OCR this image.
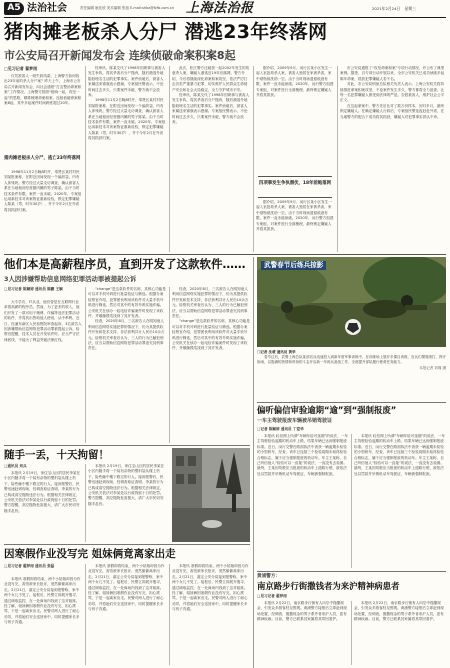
A5 法治社会	责任编辑 耿佳欣 美术编辑 张旭 E-mail:shbz@fzfb.com.cn 上海法治报	2021年2月24日 星期三
猪肉摊老板杀人分尸 潜逃23年终落网
市公安局召开新闻发布会 连续侦破命案积案8起
□见习记者 翟梦雨

仅凭被害人一段失踪线索，上海警方如何找出23年前的杀人分尸案？昨天上午，上海市公安局召开新闻发布会，向社会通报“打击整治命案积案”工作情况，上海警方按照“枪响一起，攻坚一起”的思路，精准梳理命案积案，连续侦破命案积案8起，其中多起案件时间跨度超过20年。

猪肉摊老板杀人分尸，逃亡23年终落网

1998年11月2日晚8时许，奉贤区某村村民刘某报案称，在附近田间发现一个编织袋，内有人体残块。警方经过大量走访调查，确认被害人系在当地租房经营猪肉摊的男子陈某。由于当时技术条件有限，案件一直未破。2020年，专案组运用新技术对该案物证重新检验，锁定犯罪嫌疑人陈某（男，时年30岁），并于今年2月在外省将其抓获归案。

经审讯，陈某交代了1998年因琐事与被害人发生争执，将其杀害后分尸抛弃，随后潜逃外地隐姓埋名生活的犯罪事实。案件侦破后，被害人家属送来锦旗表示感谢。专案组民警表示，不论时间过去多久，只要案件未破，警方就不会放弃。

1998年11月2日晚8时许，奉贤区某村村民刘某报案称，在附近田间发现一个编织袋，内有人体残块。警方经过大量走访调查，确认被害人系在当地租房经营猪肉摊的男子陈某。由于当时技术条件有限，案件一直未破。2020年，专案组运用新技术对该案物证重新检验，锁定犯罪嫌疑人陈某（男，时年30岁），并于今年2月在外省将其抓获归案。

此次，松江警方还破获一起2002年发生的故意杀人案，嫌疑人潜逃近19年后落网。警方介绍，今后将继续深化命案积案攻坚，依法严厉打击各类严重暴力犯罪，切实维护人民群众生命财产安全和社会大局稳定，全力守护城市平安。

经审讯，陈某交代了1998年因琐事与被害人发生争执，将其杀害后分尸抛弃，随后潜逃外地隐姓埋名生活的犯罪事实。案件侦破后，被害人家属送来锦旗表示感谢。专案组民警表示，不论时间过去多久，只要案件未破，警方就不会放弃。

据介绍，2009年9月，闵行区某小区发生一起入室抢劫杀人案，被害人独居在家被杀害，家中财物被洗劫一空。由于当时现场遗留痕迹有限，案件一直未能侦破。2020年，闵行警方组建专案组，对案件进行全面梳理，最终锁定嫌疑人并将其抓获。

四项事发生争执潜伏，18年前她落网

据介绍，2009年9月，闵行区某小区发生一起入室抢劫杀人案，被害人独居在家被杀害，家中财物被洗劫一空。由于当时现场遗留痕迹有限，案件一直未能侦破。2020年，闵行警方组建专案组，对案件进行全面梳理，最终锁定嫌疑人并将其抓获。

市公安局通报了“攻坚命案积案”专项行动情况，并公布了典型案例。据悉，自专项行动开展以来，全市公安机关已成功侦破多起陈年命案，抓获犯罪嫌疑人若干名。

对此，市公安局刑侦总队相关负责人表示，上海公安机关将持续推进命案积案攻坚，不论案件发生多久，警方都将全力追查，让每一名犯罪嫌疑人都受到法律的严惩，告慰被害人，维护社会公平正义。

在这起命案中，警方先后比对了数万份样本，历时多月，最终锁定嫌疑人。在确定嫌疑人行踪后，专案组民警连夜赶赴外省，在当地警方的配合下成功将其抓获，嫌疑人对犯罪事实供认不讳。

他们本是高薪程序员，直到开发了这款软件……
3人因涉嫌帮助信息网络犯罪活动罪被提起公诉
□见习记者 陈颖婷 通讯员 陈鹏 王颖

大专学历、IT从业，他们曾是在互联网行业拿着高薪的程序员。然而，为了更多的收入，他们开发了一款可用于赌博、诈骗等违法犯罪活动的软件，并将其出售给他人使用，从中牟利。近日，经浦东新区人民检察院审查起诉，3名被告人因涉嫌帮助信息网络犯罪活动罪被提起公诉。检察官提醒，技术人员在开发软件时，应当严守法律底线，不能为了利益突破法律红线。

“change”是这款软件的名称，其核心功能是可以对手机号码进行批量验证与筛选。根据办案检察官介绍，犯罪团伙利用该软件对大量手机号码进行筛选，然后对其中的有效号码实施诈骗。公安机关在侦办一起电信诈骗案件时发现了该软件，并顺藤摸瓜找到了其开发者。

经查，2020年8月，三名被告人在明知他人利用信息网络实施犯罪的情况下，仍为其提供软件开发和技术支持，非法获利共计人民币10余万元。检察机关审查后认为，三人的行为已触犯刑法，应当以帮助信息网络犯罪活动罪追究其刑事责任。

经查，2020年8月，三名被告人在明知他人利用信息网络实施犯罪的情况下，仍为其提供软件开发和技术支持，非法获利共计人民币10余万元。检察机关审查后认为，三人的行为已触犯刑法，应当以帮助信息网络犯罪活动罪追究其刑事责任。

“change”是这款软件的名称，其核心功能是可以对手机号码进行批量验证与筛选。根据办案检察官介绍，犯罪团伙利用该软件对大量手机号码进行筛选，然后对其中的有效号码实施诈骗。公安机关在侦办一起电信诈骗案件时发现了该软件，并顺藤摸瓜找到了其开发者。

武警春节后练兵掠影
□记者 沈裴 通讯员 黄华

春节过后，武警上海总队某部官兵迅速投入到新年度军事训练中，在训练场上展开多课目训练，官兵们摸爬滚打、挥汗如雨，以饱满的热情和昂扬的斗志开启新一年练兵备战工作，全面提升部队履行使命任务能力。

本报记者 刘瑾 摄
偏听偏信审验逾期“逾”到“强制报废”
一车主驾驶报废车辆被吊销驾驶证
□记者 陈颖婷 通讯员 丁爱华

本报讯 轻信网上所谓“车辆年检可延期”的说法，一车主驾驶检验逾期的机动车上路，结果车辆已达到强制报废标准。近日，闵行交警在路面执法中查获一辆逾期未检验的小型轿车，经查，该车已连续三个检验周期未取得检验合格标志，属于应当强制报废的机动车。车主王某称，自己听信他人“检验可以一直拖”的说法，一直没有去检测。最终，王某因驾驶应当报废的机动车上道路行驶，被依法处以罚款并吊销机动车驾驶证，车辆被强制报废。

本报讯 轻信网上所谓“车辆年检可延期”的说法，一车主驾驶检验逾期的机动车上路，结果车辆已达到强制报废标准。近日，闵行交警在路面执法中查获一辆逾期未检验的小型轿车，经查，该车已连续三个检验周期未取得检验合格标志，属于应当强制报废的机动车。车主王某称，自己听信他人“检验可以一直拖”的说法，一直没有去检测。最终，王某因驾驶应当报废的机动车上道路行驶，被依法处以罚款并吊销机动车驾驶证，车辆被强制报废。

黄浦警方：
南京路步行街撒钱者为来沪精神病患者
□见习记者 翟梦雨

本报讯 2月22日，南京路步行街有人向空中抛撒现金，引发众多游客驻足围观。黄浦警方接报后立即赶到现场处置，经调查，抛撒现金的男子系外省来沪人员，患有精神疾病。目前，警方已联系其家属将其带回看护。

本报讯 2月22日，南京路步行街有人向空中抛撒现金，引发众多游客驻足围观。黄浦警方接报后立即赶到现场处置，经调查，抛撒现金的男子系外省来沪人员，患有精神疾病。目前，警方已联系其家属将其带回看护。

随手一丢，十天拘留！
□通讯员 刘兵

本报讯 2月19日，家住宝山区的居民李某在小区内随手将一个装有杂物的塑料袋从楼上扔下，险些砸中楼下路过的行人。接到报警后，民警迅速赶到现场，经调查取证查明，李某的行为已构成高空抛物违法行为。根据相关法律规定，公安机关依法对李某处以行政拘留十日的处罚。警方提醒，高空抛物危害极大，请广大市民切勿随手乱扔。

本报讯 2月19日，家住宝山区的居民李某在小区内随手将一个装有杂物的塑料袋从楼上扔下，险些砸中楼下路过的行人。接到报警后，民警迅速赶到现场，经调查取证查明，李某的行为已构成高空抛物违法行为。根据相关法律规定，公安机关依法对李某处以行政拘留十日的处罚。警方提醒，高空抛物危害极大，请广大市民切勿随手乱扔。

因寒假作业没写完 姐妹俩竟离家出走
□见习记者 翟梦雨 通讯员 张磊

本报讯 寒假即将结束，两个小姑娘却因为作业没写完，害怕被家长批评，竟然偷偷离家出走。2月21日，嘉定公安分局接到报警称，家中两个女儿不见了。接报后，民警立即展开搜寻，通过调取监控，在一处商场内找到了这对姐妹。经了解，姐妹俩因寒假作业没有写完，担心挨骂，于是一起离家出走。民警对两人进行了耐心劝导，并将她们安全送回家中，同时提醒家长多与孩子沟通。

本报讯 寒假即将结束，两个小姑娘却因为作业没写完，害怕被家长批评，竟然偷偷离家出走。2月21日，嘉定公安分局接到报警称，家中两个女儿不见了。接报后，民警立即展开搜寻，通过调取监控，在一处商场内找到了这对姐妹。经了解，姐妹俩因寒假作业没有写完，担心挨骂，于是一起离家出走。民警对两人进行了耐心劝导，并将她们安全送回家中，同时提醒家长多与孩子沟通。

本报讯 寒假即将结束，两个小姑娘却因为作业没写完，害怕被家长批评，竟然偷偷离家出走。2月21日，嘉定公安分局接到报警称，家中两个女儿不见了。接报后，民警立即展开搜寻，通过调取监控，在一处商场内找到了这对姐妹。经了解，姐妹俩因寒假作业没有写完，担心挨骂，于是一起离家出走。民警对两人进行了耐心劝导，并将她们安全送回家中，同时提醒家长多与孩子沟通。
